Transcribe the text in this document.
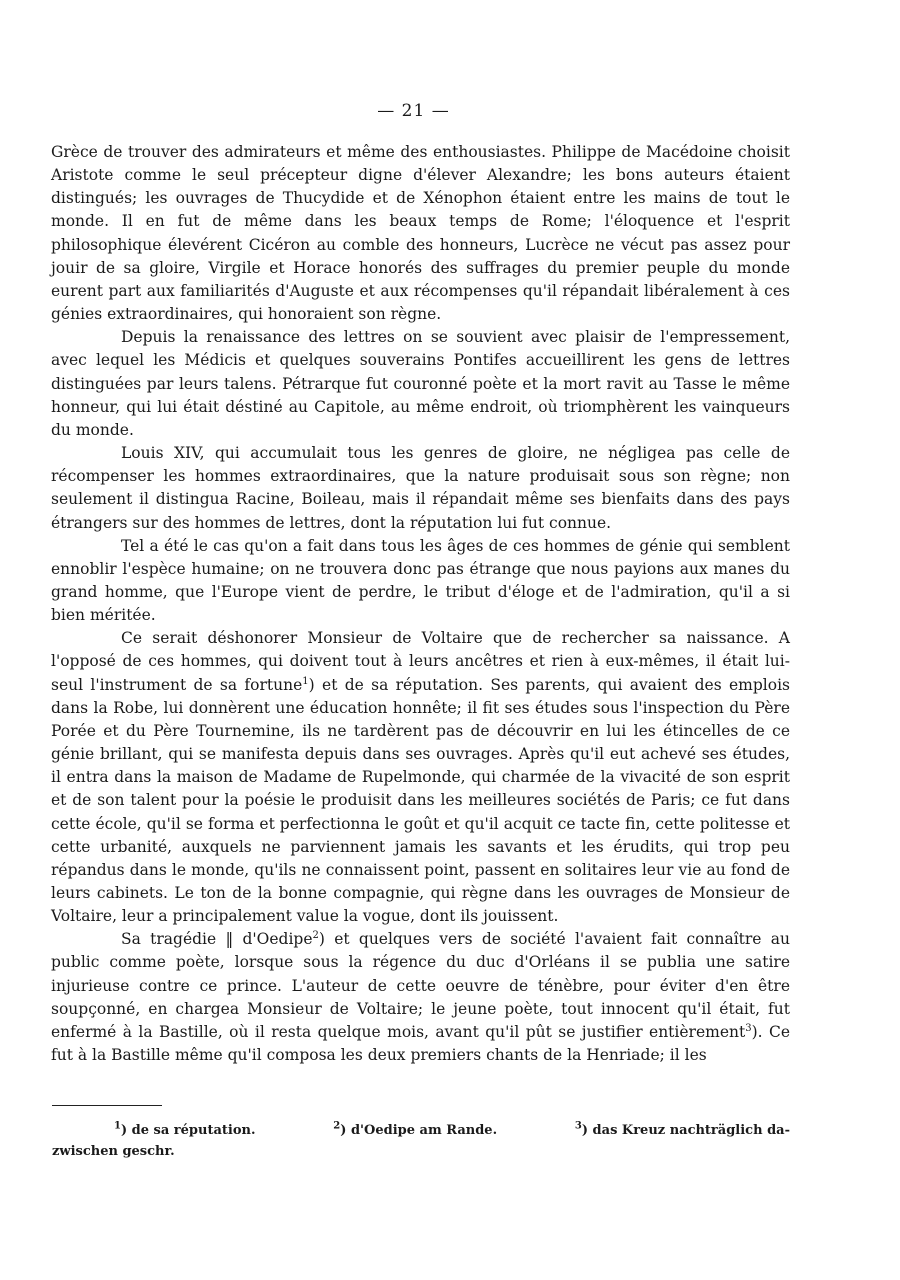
— 21 —

Grèce de trouver des admirateurs et même des enthousiastes. Philippe de Macédoine choisit Aristote comme le seul précepteur digne d'élever Alexandre; les bons auteurs étaient distingués; les ouvrages de Thucydide et de Xénophon étaient entre les mains de tout le monde. Il en fut de même dans les beaux temps de Rome; l'éloquence et l'esprit philosophique élevérent Cicéron au comble des honneurs, Lucrèce ne vécut pas assez pour jouir de sa gloire, Virgile et Horace honorés des suffrages du premier peuple du monde eurent part aux familiarités d'Auguste et aux récompenses qu'il répandait libéralement à ces génies extraordinaires, qui honoraient son règne.

Depuis la renaissance des lettres on se souvient avec plaisir de l'empressement, avec lequel les Médicis et quelques souverains Pontifes accueillirent les gens de lettres distinguées par leurs talens. Pétrarque fut couronné poète et la mort ravit au Tasse le même honneur, qui lui était déstiné au Capitole, au même endroit, où triomphèrent les vainqueurs du monde.

Louis XIV, qui accumulait tous les genres de gloire, ne négligea pas celle de récompenser les hommes extraordinaires, que la nature produisait sous son règne; non seulement il distingua Racine, Boileau, mais il répandait même ses bienfaits dans des pays étrangers sur des hommes de lettres, dont la réputation lui fut connue.

Tel a été le cas qu'on a fait dans tous les âges de ces hommes de génie qui semblent ennoblir l'espèce humaine; on ne trouvera donc pas étrange que nous payions aux manes du grand homme, que l'Europe vient de perdre, le tribut d'éloge et de l'admiration, qu'il a si bien méritée.

Ce serait déshonorer Monsieur de Voltaire que de rechercher sa naissance. A l'opposé de ces hommes, qui doivent tout à leurs ancêtres et rien à eux-mêmes, il était lui-seul l'instrument de sa fortune$^1$) et de sa réputation. Ses parents, qui avaient des emplois dans la Robe, lui donnèrent une éducation honnête; il fit ses études sous l'inspection du Père Porée et du Père Tournemine, ils ne tardèrent pas de découvrir en lui les étincelles de ce génie brillant, qui se manifesta depuis dans ses ouvrages. Après qu'il eut achevé ses études, il entra dans la maison de Madame de Rupelmonde, qui charmée de la vivacité de son esprit et de son talent pour la poésie le produisit dans les meilleures sociétés de Paris; ce fut dans cette école, qu'il se forma et perfectionna le goût et qu'il acquit ce tacte fin, cette politesse et cette urbanité, auxquels ne parviennent jamais les savants et les érudits, qui trop peu répandus dans le monde, qu'ils ne connaissent point, passent en solitaires leur vie au fond de leurs cabinets. Le ton de la bonne compagnie, qui règne dans les ouvrages de Monsieur de Voltaire, leur a principalement value la vogue, dont ils jouissent.

Sa tragédie ‖ d'Oedipe$^2$) et quelques vers de société l'avaient fait connaître au public comme poète, lorsque sous la régence du duc d'Orléans il se publia une satire injurieuse contre ce prince. L'auteur de cette oeuvre de ténèbre, pour éviter d'en être soupçonné, en chargea Monsieur de Voltaire; le jeune poète, tout innocent qu'il était, fut enfermé à la Bastille, où il resta quelque mois, avant qu'il pût se justifier entièrement$^3$). Ce fut à la Bastille même qu'il composa les deux premiers chants de la Henriade; il les

$^1$) de sa réputation.	$^2$) d'Oedipe am Rande.	$^3$) das Kreuz nachträglich da-
zwischen geschr.
